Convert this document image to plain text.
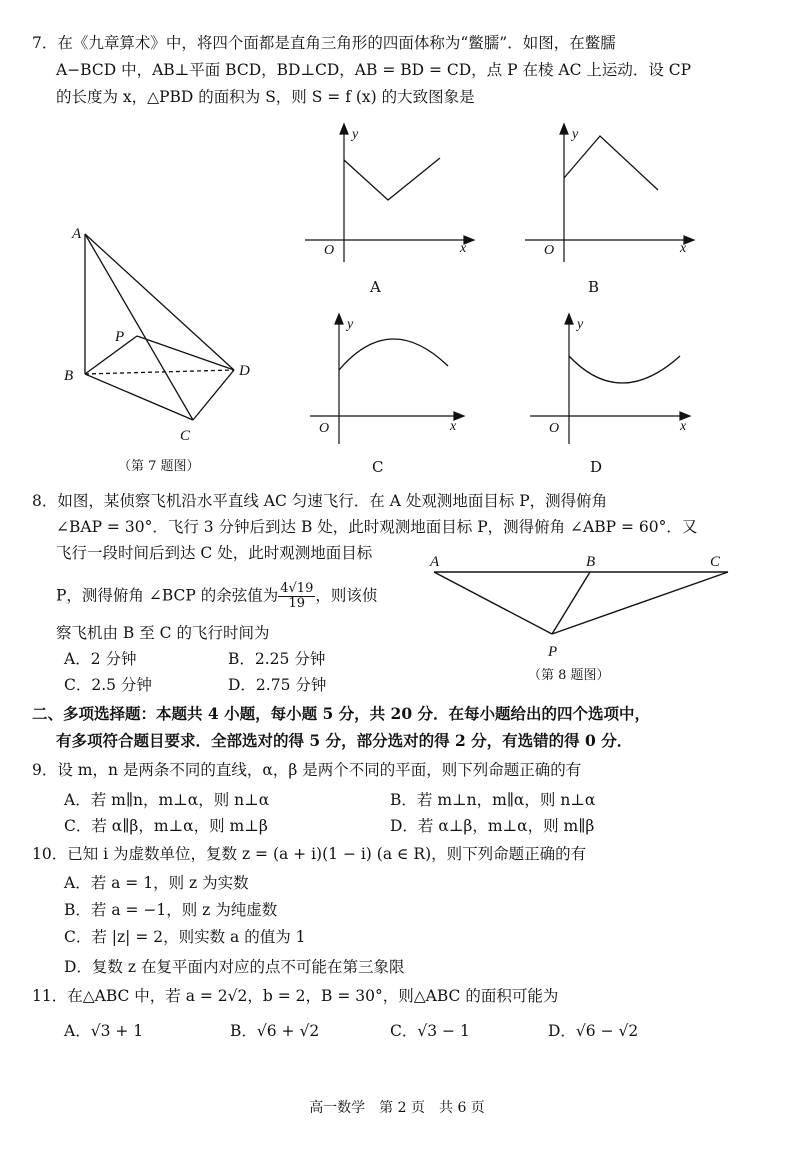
7．在《九章算术》中，将四个面都是直角三角形的四面体称为“鳖臑”．如图，在鳖臑
A−BCD 中，AB⊥平面 BCD，BD⊥CD，AB = BD = CD，点 P 在棱 AC 上运动．设 CP
的长度为 x，△PBD 的面积为 S，则 S = f (x) 的大致图象是
A
B
C
D
P
（第 7 题图）
y
O	x
A
y
O	x
B
y
O	x
C
y
O	x
D
8．如图，某侦察飞机沿水平直线 AC 匀速飞行．在 A 处观测地面目标 P，测得俯角
∠BAP = 30°．飞行 3 分钟后到达 B 处，此时观测地面目标 P，测得俯角 ∠ABP = 60°．又
飞行一段时间后到达 C 处，此时观测地面目标
P，测得俯角 ∠BCP 的余弦值为 $\frac{4√19}{19}$ ，则该侦
察飞机由 B 至 C 的飞行时间为
A．2 分钟	B．2.25 分钟
C．2.5 分钟	D．2.75 分钟
A	B	C
P
（第 8 题图）
二、多项选择题：本题共 4 小题，每小题 5 分，共 20 分．在每小题给出的四个选项中，
有多项符合题目要求．全部选对的得 5 分，部分选对的得 2 分，有选错的得 0 分．
9．设 m，n 是两条不同的直线，α，β 是两个不同的平面，则下列命题正确的有
A．若 m∥n，m⊥α，则 n⊥α	B．若 m⊥n，m∥α，则 n⊥α
C．若 α∥β，m⊥α，则 m⊥β	D．若 α⊥β，m⊥α，则 m∥β
10．已知 i 为虚数单位，复数 z = (a + i)(1 − i) (a ∈ R)，则下列命题正确的有
A．若 a = 1，则 z 为实数
B．若 a = −1，则 z 为纯虚数
C．若 |z| = 2，则实数 a 的值为 1
D．复数 z 在复平面内对应的点不可能在第三象限
11．在△ABC 中，若 a = 2√2，b = 2，B = 30°，则△ABC 的面积可能为
A．√3 + 1	B．√6 + √2	C．√3 − 1	D．√6 − √2
高一数学　第 2 页　共 6 页
